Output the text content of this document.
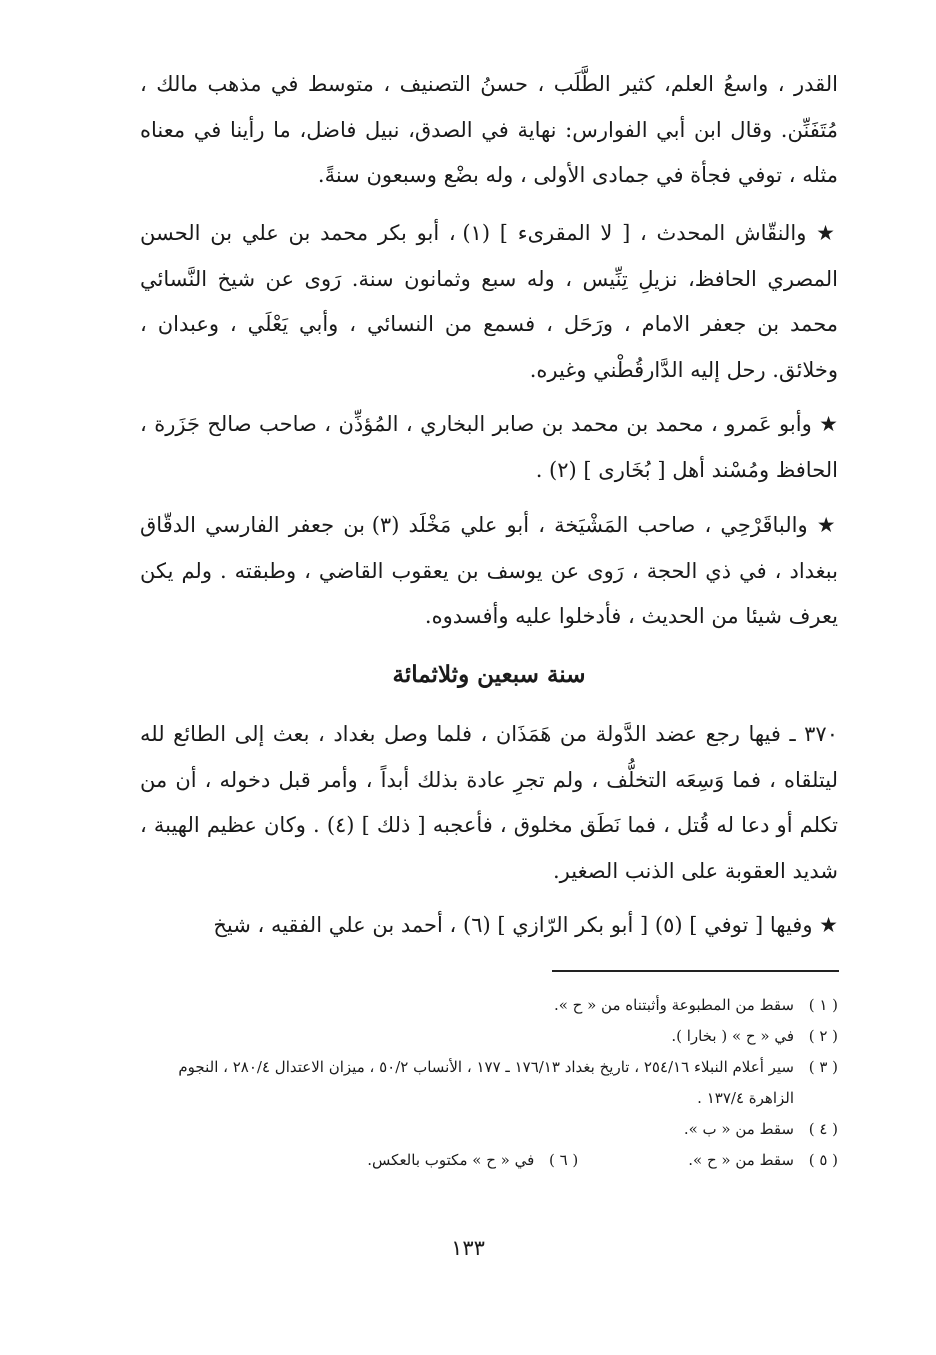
القدر ، واسعُ العلم، كثير الطَّلَب ، حسنُ التصنيف ، متوسط في مذهب مالك ، مُتَفَنِّن. وقال ابن أبي الفوارس: نهاية في الصدق، نبيل فاضل، ما رأينا في معناه مثله ، توفي فجأة في جمادى الأولى ، وله بضْع وسبعون سنةً.

★ والنقّاش المحدث ، [ لا المقرىء ] (١) ، أبو بكر محمد بن علي بن الحسن المصري الحافظ، نزيلِ تِنِّيس ، وله سبع وثمانون سنة. رَوى عن شيخ النَّسائي محمد بن جعفر الامام ، ورَحَل ، فسمع من النسائي ، وأبي يَعْلَي ، وعبدان ، وخلائق. رحل إليه الدَّارقُطْني وغيره.

★ وأبو عَمرو ، محمد بن محمد بن صابر البخاري ، المُؤذِّن ، صاحب صالح جَزَرة ، الحافظ ومُسْند أهل [ بُخَارى ] (٢) .

★ والباقَرْحِي ، صاحب المَشْيَخة ، أبو علي مَخْلَد (٣) بن جعفر الفارسي الدقّاق ببغداد ، في ذي الحجة ، رَوى عن يوسف بن يعقوب القاضي ، وطبقته . ولم يكن يعرف شيئا من الحديث ، فأدخلوا عليه وأفسدوه.

سنة سبعين وثلاثمائة

٣٧٠ ـ فيها رجع عضد الدَّولة من هَمَذَان ، فلما وصل بغداد ، بعث إلى الطائع لله ليتلقاه ، فما وَسِعَه التخلُّف ، ولم تجرِ عادة بذلك أبداً ، وأمر قبل دخوله ، أن من تكلم أو دعا له قُتل ، فما نَطَق مخلوق ، فأعجبه [ ذلك ] (٤) . وكان عظيم الهيبة ، شديد العقوبة على الذنب الصغير.

★ وفيها [ توفي ] (٥) [ أبو بكر الرّازي ] (٦) ، أحمد بن علي الفقيه ، شيخ

( ١ )
سقط من المطبوعة وأثبتناه من « ح ».
( ٢ )
في « ح » ( بخارا ).
( ٣ )
سير أعلام النبلاء ٢٥٤/١٦ ، تاريخ بغداد ١٧٦/١٣ ـ ١٧٧ ، الأنساب ٥٠/٢ ، ميزان الاعتدال ٢٨٠/٤ ، النجوم الزاهرة ١٣٧/٤ .
( ٤ )
سقط من « ب ».
( ٥ )
سقط من « ح ».
( ٦ )
في « ح » مكتوب بالعكس.
١٣٣
